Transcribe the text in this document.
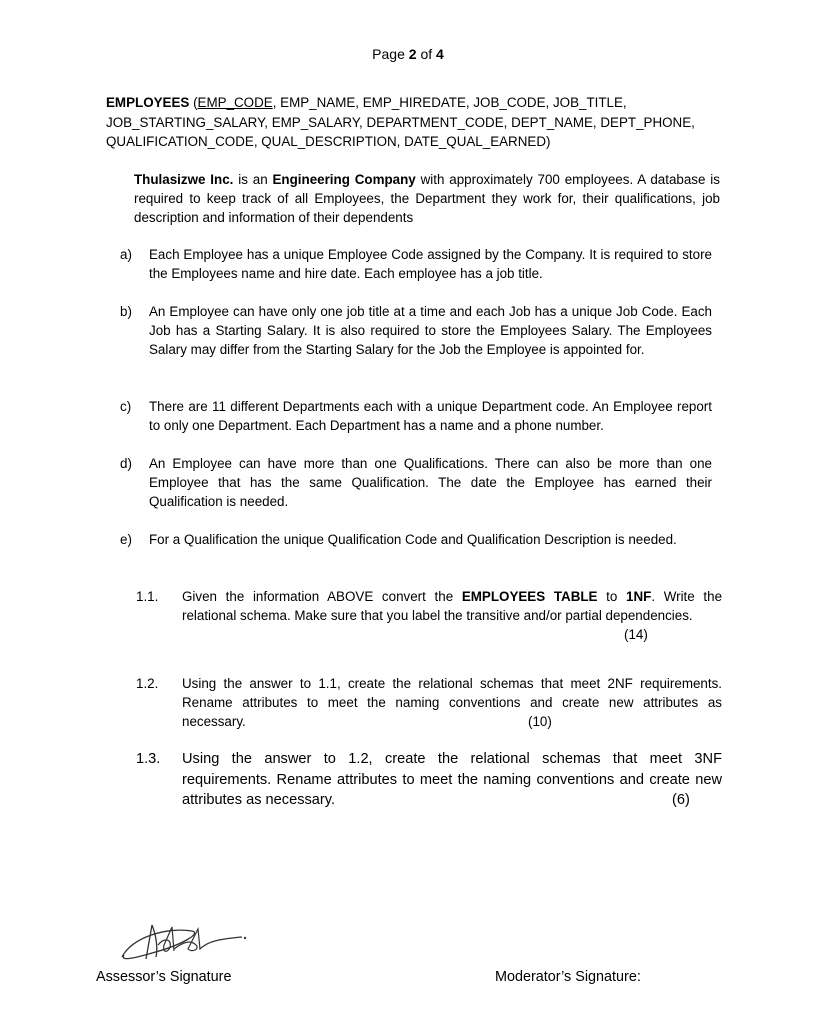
Page 2 of 4
EMPLOYEES (EMP_CODE, EMP_NAME, EMP_HIREDATE, JOB_CODE, JOB_TITLE, JOB_STARTING_SALARY, EMP_SALARY, DEPARTMENT_CODE, DEPT_NAME, DEPT_PHONE, QUALIFICATION_CODE, QUAL_DESCRIPTION, DATE_QUAL_EARNED)
Thulasizwe Inc. is an Engineering Company with approximately 700 employees. A database is required to keep track of all Employees, the Department they work for, their qualifications, job description and information of their dependents
a) Each Employee has a unique Employee Code assigned by the Company. It is required to store the Employees name and hire date. Each employee has a job title.
b) An Employee can have only one job title at a time and each Job has a unique Job Code. Each Job has a Starting Salary. It is also required to store the Employees Salary. The Employees Salary may differ from the Starting Salary for the Job the Employee is appointed for.
c) There are 11 different Departments each with a unique Department code. An Employee report to only one Department. Each Department has a name and a phone number.
d) An Employee can have more than one Qualifications. There can also be more than one Employee that has the same Qualification. The date the Employee has earned their Qualification is needed.
e) For a Qualification the unique Qualification Code and Qualification Description is needed.
1.1. Given the information ABOVE convert the EMPLOYEES TABLE to 1NF. Write the relational schema. Make sure that you label the transitive and/or partial dependencies.
(14)
1.2. Using the answer to 1.1, create the relational schemas that meet 2NF requirements. Rename attributes to meet the naming conventions and create new attributes as necessary.	(10)
1.3. Using the answer to 1.2, create the relational schemas that meet 3NF requirements. Rename attributes to meet the naming conventions and create new attributes as necessary.	(6)
Assessor’s Signature	Moderator’s Signature:
